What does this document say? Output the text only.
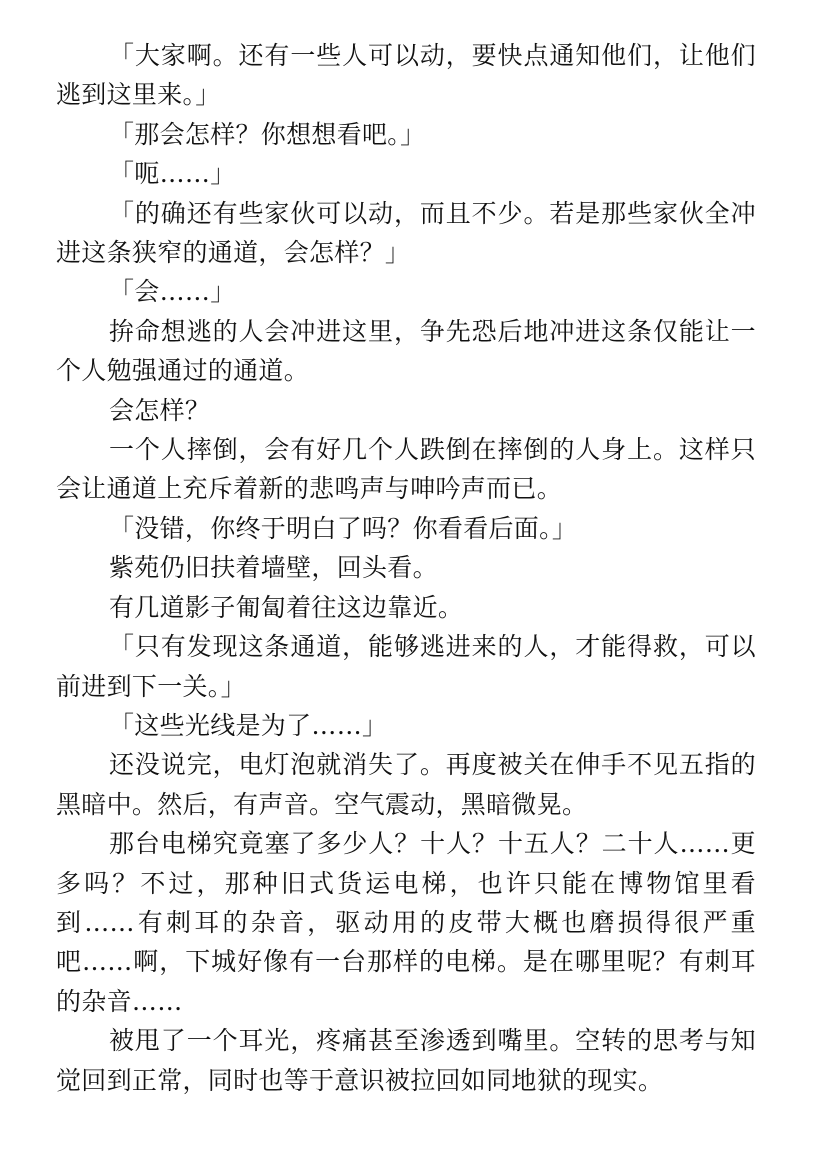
「大家啊。还有一些人可以动，要快点通知他们，让他们逃到这里来。」

「那会怎样？你想想看吧。」

「呃……」

「的确还有些家伙可以动，而且不少。若是那些家伙全冲进这条狭窄的通道，会怎样？」

「会……」

拚命想逃的人会冲进这里，争先恐后地冲进这条仅能让一个人勉强通过的通道。

会怎样？

一个人摔倒，会有好几个人跌倒在摔倒的人身上。这样只会让通道上充斥着新的悲鸣声与呻吟声而已。

「没错，你终于明白了吗？你看看后面。」

紫苑仍旧扶着墙壁，回头看。

有几道影子匍匐着往这边靠近。

「只有发现这条通道，能够逃进来的人，才能得救，可以前进到下一关。」

「这些光线是为了……」

还没说完，电灯泡就消失了。再度被关在伸手不见五指的黑暗中。然后，有声音。空气震动，黑暗微晃。

那台电梯究竟塞了多少人？十人？十五人？二十人……更多吗？不过，那种旧式货运电梯，也许只能在博物馆里看到……有刺耳的杂音，驱动用的皮带大概也磨损得很严重吧……啊，下城好像有一台那样的电梯。是在哪里呢？有刺耳的杂音……

被甩了一个耳光，疼痛甚至渗透到嘴里。空转的思考与知觉回到正常，同时也等于意识被拉回如同地狱的现实。
